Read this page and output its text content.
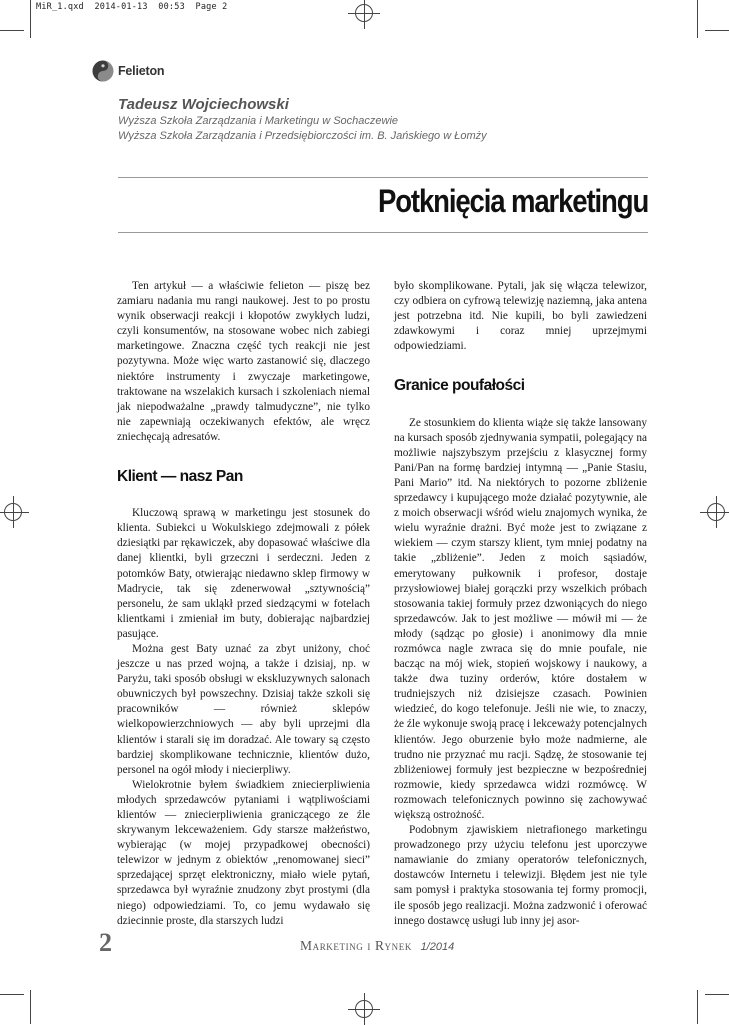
MiR_1.qxd  2014-01-13  00:53  Page 2
Felieton
Tadeusz Wojciechowski
Wyższa Szkoła Zarządzania i Marketingu w Sochaczewie
Wyższa Szkoła Zarządzania i Przedsiębiorczości im. B. Jańskiego w Łomży
Potknięcia marketingu

Ten artykuł — a właściwie felieton — piszę bez zamiaru nadania mu rangi naukowej. Jest to po prostu wynik obserwacji reakcji i kłopotów zwykłych ludzi, czyli konsumentów, na stosowane wobec nich zabiegi marketingowe. Znaczna część tych reakcji nie jest pozytywna. Może więc warto zastanowić się, dlaczego niektóre instrumenty i zwyczaje marketingowe, traktowane na wszelakich kursach i szkoleniach niemal jak niepodważalne „prawdy talmudyczne”, nie tylko nie zapewniają oczekiwanych efektów, ale wręcz zniechęcają adresatów.

Klient — nasz Pan

Kluczową sprawą w marketingu jest stosunek do klienta. Subiekci u Wokulskiego zdejmowali z półek dziesiątki par rękawiczek, aby dopasować właściwe dla danej klientki, byli grzeczni i serdeczni. Jeden z potomków Baty, otwierając niedawno sklep firmowy w Madrycie, tak się zdenerwował „sztywnością” personelu, że sam ukląkł przed siedzącymi w fotelach klientkami i zmieniał im buty, dobierając najbardziej pasujące.

Można gest Baty uznać za zbyt uniżony, choć jeszcze u nas przed wojną, a także i dzisiaj, np. w Paryżu, taki sposób obsługi w ekskluzywnych salonach obuwniczych był powszechny. Dzisiaj także szkoli się pracowników — również sklepów wielkopowierzchniowych — aby byli uprzejmi dla klientów i starali się im doradzać. Ale towary są często bardziej skomplikowane technicznie, klientów dużo, personel na ogół młody i niecierpliwy.

Wielokrotnie byłem świadkiem zniecierpliwienia młodych sprzedawców pytaniami i wątpliwościami klientów — zniecierpliwienia graniczącego ze źle skrywanym lekceważeniem. Gdy starsze małżeństwo, wybierając (w mojej przypadkowej obecności) telewizor w jednym z obiektów „renomowanej sieci” sprzedającej sprzęt elektroniczny, miało wiele pytań, sprzedawca był wyraźnie znudzony zbyt prostymi (dla niego) odpowiedziami. To, co jemu wydawało się dziecinnie proste, dla starszych ludzi

było skomplikowane. Pytali, jak się włącza telewizor, czy odbiera on cyfrową telewizję naziemną, jaka antena jest potrzebna itd. Nie kupili, bo byli zawiedzeni zdawkowymi i coraz mniej uprzejmymi odpowiedziami.

Granice poufałości

Ze stosunkiem do klienta wiąże się także lansowany na kursach sposób zjednywania sympatii, polegający na możliwie najszybszym przejściu z klasycznej formy Pani/Pan na formę bardziej intymną — „Panie Stasiu, Pani Mario” itd. Na niektórych to pozorne zbliżenie sprzedawcy i kupującego może działać pozytywnie, ale z moich obserwacji wśród wielu znajomych wynika, że wielu wyraźnie drażni. Być może jest to związane z wiekiem — czym starszy klient, tym mniej podatny na takie „zbliżenie”. Jeden z moich sąsiadów, emerytowany pułkownik i profesor, dostaje przysłowiowej białej gorączki przy wszelkich próbach stosowania takiej formuły przez dzwoniących do niego sprzedawców. Jak to jest możliwe — mówił mi — że młody (sądząc po głosie) i anonimowy dla mnie rozmówca nagle zwraca się do mnie poufale, nie bacząc na mój wiek, stopień wojskowy i naukowy, a także dwa tuziny orderów, które dostałem w trudniejszych niż dzisiejsze czasach. Powinien wiedzieć, do kogo telefonuje. Jeśli nie wie, to znaczy, że źle wykonuje swoją pracę i lekceważy potencjalnych klientów. Jego oburzenie było może nadmierne, ale trudno nie przyznać mu racji. Sądzę, że stosowanie tej zbliżeniowej formuły jest bezpieczne w bezpośredniej rozmowie, kiedy sprzedawca widzi rozmówcę. W rozmowach telefonicznych powinno się zachowywać większą ostrożność.

Podobnym zjawiskiem nietrafionego marketingu prowadzonego przy użyciu telefonu jest uporczywe namawianie do zmiany operatorów telefonicznych, dostawców Internetu i telewizji. Błędem jest nie tyle sam pomysł i praktyka stosowania tej formy promocji, ile sposób jego realizacji. Można zadzwonić i oferować innego dostawcę usługi lub inny jej asor-

2	Marketing i Rynek 1/2014
